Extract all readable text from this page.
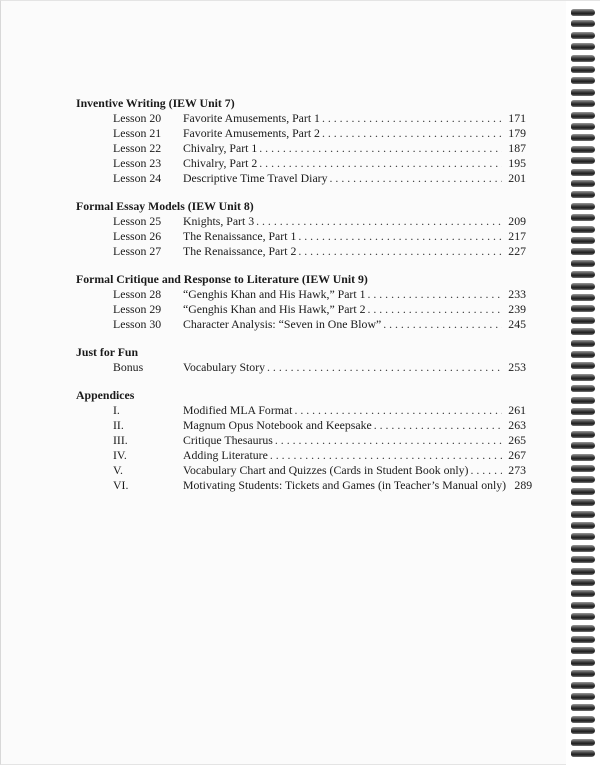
Inventive Writing (IEW Unit 7)
Lesson 20	Favorite Amusements, Part 1 . . .	171
Lesson 21	Favorite Amusements, Part 2 . . .	179
Lesson 22	Chivalry, Part 1 . . .	187
Lesson 23	Chivalry, Part 2 . . .	195
Lesson 24	Descriptive Time Travel Diary . . .	201
Formal Essay Models (IEW Unit 8)
Lesson 25	Knights, Part 3 . . .	209
Lesson 26	The Renaissance, Part 1 . . .	217
Lesson 27	The Renaissance, Part 2 . . .	227
Formal Critique and Response to Literature (IEW Unit 9)
Lesson 28	“Genghis Khan and His Hawk,” Part 1 . . .	233
Lesson 29	“Genghis Khan and His Hawk,” Part 2 . . .	239
Lesson 30	Character Analysis: “Seven in One Blow” . . .	245
Just for Fun
Bonus	Vocabulary Story . . .	253
Appendices
I.	Modified MLA Format . . .	261
II.	Magnum Opus Notebook and Keepsake . . .	263
III.	Critique Thesaurus . . .	265
IV.	Adding Literature . . .	267
V.	Vocabulary Chart and Quizzes (Cards in Student Book only) . . .	273
VI.	Motivating Students: Tickets and Games (in Teacher’s Manual only) 289
